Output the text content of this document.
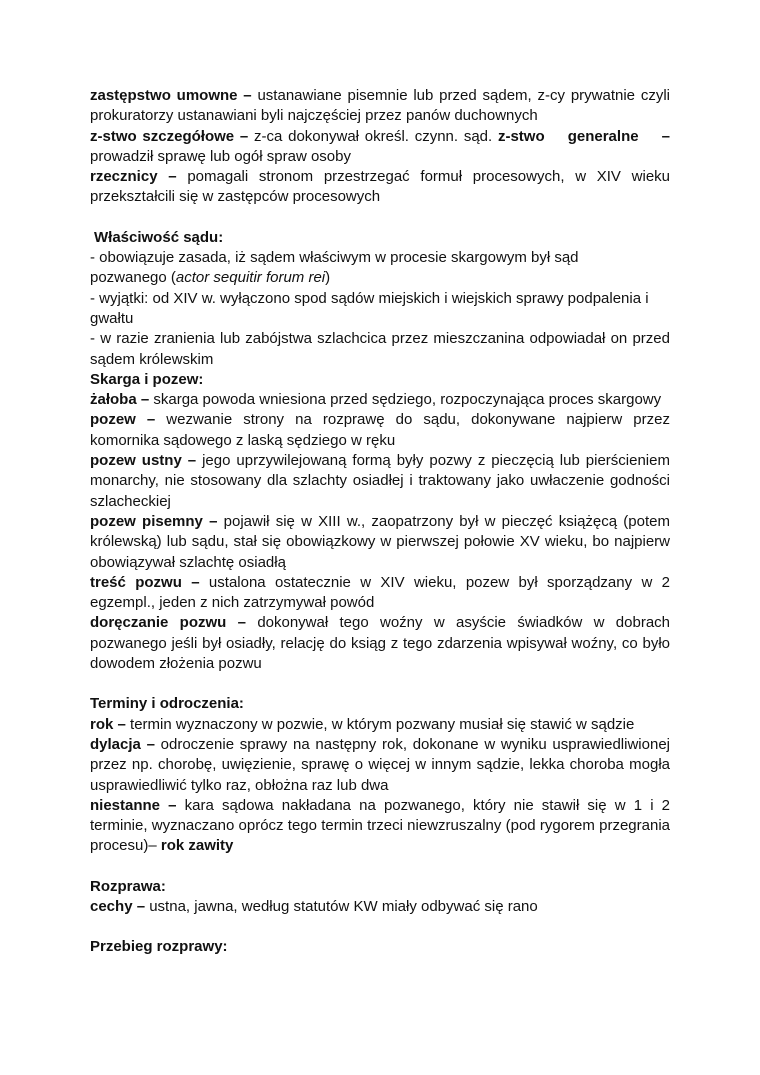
zastępstwo umowne – ustanawiane pisemnie lub przed sądem, z-cy prywatnie czyli prokuratorzy ustanawiani byli najczęściej przez panów duchownych

z-stwo szczegółowe – z-ca dokonywał określ. czynn. sąd. z-stwo    generalne    – prowadził sprawę lub ogół spraw osoby

rzecznicy – pomagali stronom przestrzegać formuł procesowych, w XIV wieku przekształcili się w zastępców procesowych

Właściwość sądu:

- obowiązuje zasada, iż sądem właściwym w procesie skargowym był sąd

pozwanego (actor sequitir forum rei)

- wyjątki: od XIV w. wyłączono spod sądów miejskich i wiejskich sprawy podpalenia i gwałtu

- w razie zranienia lub zabójstwa szlachcica przez mieszczanina odpowiadał on przed sądem królewskim

Skarga i pozew:

żałoba – skarga powoda wniesiona przed sędziego, rozpoczynająca proces skargowy

pozew – wezwanie strony na rozprawę do sądu, dokonywane najpierw przez komornika sądowego z laską sędziego w ręku

pozew ustny – jego uprzywilejowaną formą były pozwy z pieczęcią lub pierścieniem monarchy, nie stosowany dla szlachty osiadłej i traktowany jako uwłaczenie godności szlacheckiej

pozew pisemny – pojawił się w XIII w., zaopatrzony był w pieczęć książęcą (potem królewską) lub sądu, stał się obowiązkowy w pierwszej połowie XV wieku, bo najpierw obowiązywał szlachtę osiadłą

treść pozwu – ustalona ostatecznie w XIV wieku, pozew był sporządzany w 2 egzempl., jeden z nich zatrzymywał powód

doręczanie pozwu – dokonywał tego woźny w asyście świadków w dobrach pozwanego jeśli był osiadły, relację do ksiąg z tego zdarzenia wpisywał woźny, co było dowodem złożenia pozwu

Terminy i odroczenia:

rok – termin wyznaczony w pozwie, w którym pozwany musiał się stawić w sądzie

dylacja – odroczenie sprawy na następny rok, dokonane w wyniku usprawiedliwionej przez np. chorobę, uwięzienie, sprawę o więcej w innym sądzie, lekka choroba mogła usprawiedliwić tylko raz, obłożna raz lub dwa

niestanne – kara sądowa nakładana na pozwanego, który nie stawił się w 1 i 2 terminie, wyznaczano oprócz tego termin trzeci niewzruszalny (pod rygorem przegrania procesu)– rok zawity

Rozprawa:

cechy – ustna, jawna, według statutów KW miały odbywać się rano

Przebieg rozprawy:
